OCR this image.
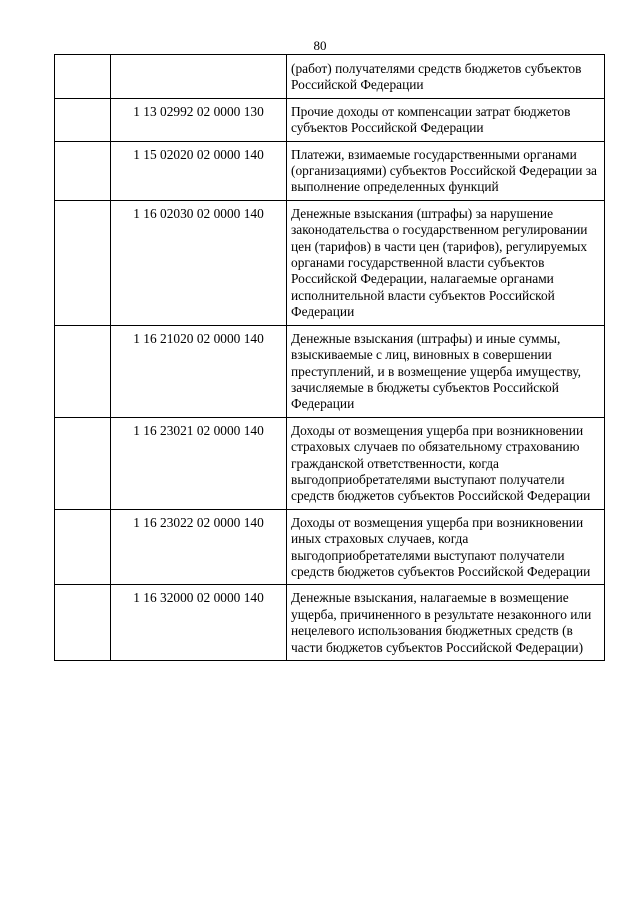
80
		(работ) получателями средств бюджетов субъектов Российской Федерации
	1 13 02992 02 0000 130	Прочие доходы от компенсации затрат бюджетов субъектов Российской Федерации
	1 15 02020 02 0000 140	Платежи, взимаемые государственными органами (организациями) субъектов Российской Федерации за выполнение определенных функций
	1 16 02030 02 0000 140	Денежные взыскания (штрафы) за нарушение законодательства о государственном регулировании цен (тарифов) в части цен (тарифов), регулируемых органами государственной власти субъектов Российской Федерации, налагаемые органами исполнительной власти субъектов Российской Федерации
	1 16 21020 02 0000 140	Денежные взыскания (штрафы) и иные суммы, взыскиваемые с лиц, виновных в совершении преступлений, и в возмещение ущерба имуществу, зачисляемые в бюджеты субъектов Российской Федерации
	1 16 23021 02 0000 140	Доходы от возмещения ущерба при возникновении страховых случаев по обязательному страхованию гражданской ответственности, когда выгодоприобретателями выступают получатели средств бюджетов субъектов Российской Федерации
	1 16 23022 02 0000 140	Доходы от возмещения ущерба при возникновении иных страховых случаев, когда выгодоприобретателями выступают получатели средств бюджетов субъектов Российской Федерации
	1 16 32000 02 0000 140	Денежные взыскания, налагаемые в возмещение ущерба, причиненного в результате незаконного или нецелевого использования бюджетных средств (в части бюджетов субъектов Российской Федерации)
